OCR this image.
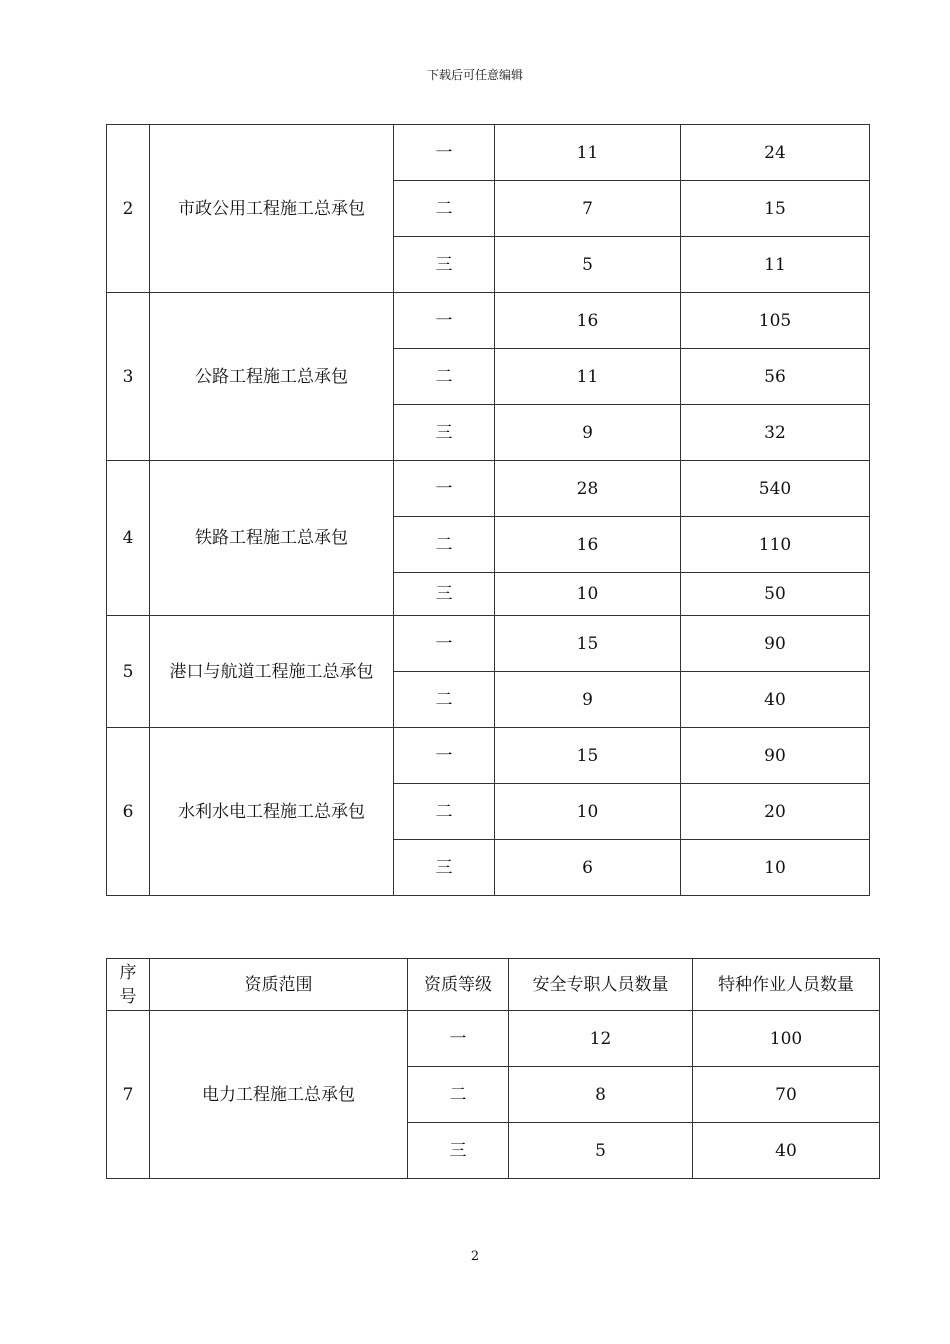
下载后可任意编辑
2	市政公用工程施工总承包	一	11	24
		二	7	15
		三	5	11
3	公路工程施工总承包	一	16	105
		二	11	56
		三	9	32
4	铁路工程施工总承包	一	28	540
		二	16	110
		三	10	50
5	港口与航道工程施工总承包	一	15	90
		二	9	40
6	水利水电工程施工总承包	一	15	90
		二	10	20
		三	6	10
序号	资质范围	资质等级	安全专职人员数量	特种作业人员数量
7	电力工程施工总承包	一	12	100
		二	8	70
		三	5	40
2
